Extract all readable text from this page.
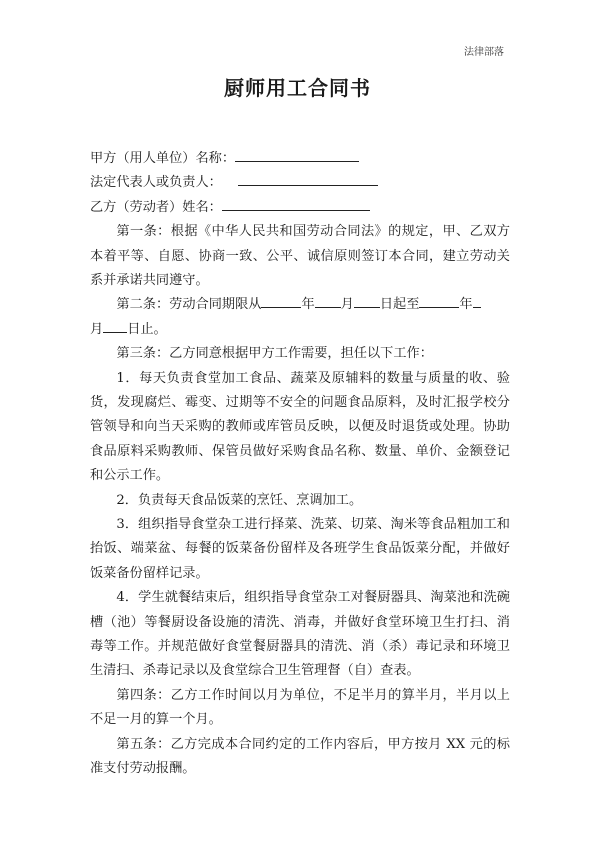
法律部落
厨师用工合同书
甲方（用人单位）名称：
法定代表人或负责人：
乙方（劳动者）姓名：

第一条：根据《中华人民共和国劳动合同法》的规定，甲、乙双方本着平等、自愿、协商一致、公平、诚信原则签订本合同，建立劳动关系并承诺共同遵守。

第二条：劳动合同期限从	年 月 日起至	年
月 日止。

第三条：乙方同意根据甲方工作需要，担任以下工作：

1．每天负责食堂加工食品、蔬菜及原辅料的数量与质量的收、验货，发现腐烂、霉变、过期等不安全的问题食品原料，及时汇报学校分管领导和向当天采购的教师或库管员反映，以便及时退货或处理。协助食品原料采购教师、保管员做好采购食品名称、数量、单价、金额登记和公示工作。

2．负责每天食品饭菜的烹饪、烹调加工。

3．组织指导食堂杂工进行择菜、洗菜、切菜、淘米等食品粗加工和抬饭、端菜盆、每餐的饭菜备份留样及各班学生食品饭菜分配，并做好饭菜备份留样记录。

4．学生就餐结束后，组织指导食堂杂工对餐厨器具、淘菜池和洗碗槽（池）等餐厨设备设施的清洗、消毒，并做好食堂环境卫生打扫、消毒等工作。并规范做好食堂餐厨器具的清洗、消（杀）毒记录和环境卫生清扫、杀毒记录以及食堂综合卫生管理督（自）查表。

第四条：乙方工作时间以月为单位，不足半月的算半月，半月以上不足一月的算一个月。

第五条：乙方完成本合同约定的工作内容后，甲方按月 XX 元的标准支付劳动报酬。
